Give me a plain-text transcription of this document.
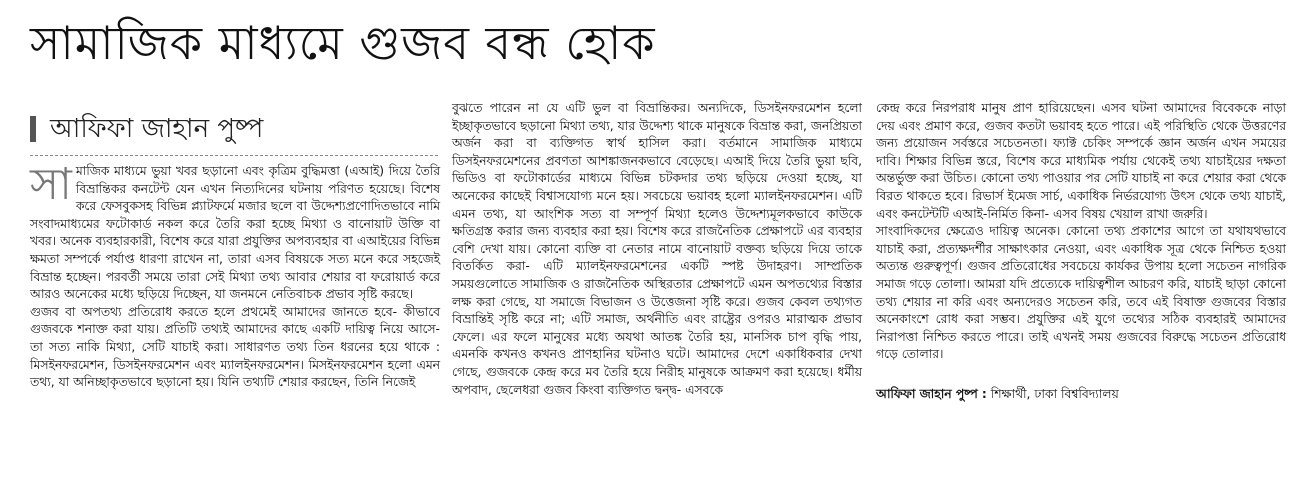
সামাজিক মাধ্যমে গুজব বন্ধ হোক
আফিফা জাহান পুষ্প
সা মাজিক মাধ্যমে ভুয়া খবর ছড়ানো এবং কৃত্রিম বুদ্ধিমত্তা (এআই) দিয়ে তৈরি বিভ্রান্তিকর কনটেন্ট যেন এখন নিত্যদিনের ঘটনায় পরিণত হয়েছে। বিশেষ করে ফেসবুকসহ বিভিন্ন প্ল্যাটফর্মে মজার ছলে বা উদ্দেশ্যপ্রণোদিতভাবে নামি সংবাদমাধ্যমের ফটোকার্ড নকল করে তৈরি করা হচ্ছে মিথ্যা ও বানোয়াট উক্তি বা খবর। অনেক ব্যবহারকারী, বিশেষ করে যারা প্রযুক্তির অপব্যবহার বা এআইয়ের বিভিন্ন ক্ষমতা সম্পর্কে পর্যাপ্ত ধারণা রাখেন না, তারা এসব বিষয়কে সত্য মনে করে সহজেই বিভ্রান্ত হচ্ছেন। পরবর্তী সময়ে তারা সেই মিথ্যা তথ্য আবার শেয়ার বা ফরোয়ার্ড করে আরও অনেকের মধ্যে ছড়িয়ে দিচ্ছেন, যা জনমনে নেতিবাচক প্রভাব সৃষ্টি করছে।

গুজব বা অপতথ্য প্রতিরোধ করতে হলে প্রথমেই আমাদের জানতে হবে- কীভাবে গুজবকে শনাক্ত করা যায়। প্রতিটি তথ্যই আমাদের কাছে একটি দায়িত্ব নিয়ে আসে- তা সত্য নাকি মিথ্যা, সেটি যাচাই করা। সাধারণত তথ্য তিন ধরনের হয়ে থাকে : মিসইনফরমেশন, ডিসইনফরমেশন এবং ম্যালইনফরমেশন। মিসইনফরমেশন হলো এমন তথ্য, যা অনিচ্ছাকৃতভাবে ছড়ানো হয়। যিনি তথ্যটি শেয়ার করছেন, তিনি নিজেই

বুঝতে পারেন না যে এটি ভুল বা বিভ্রান্তিকর। অন্যদিকে, ডিসইনফরমেশন হলো ইচ্ছাকৃতভাবে ছড়ানো মিথ্যা তথ্য, যার উদ্দেশ্য থাকে মানুষকে বিভ্রান্ত করা, জনপ্রিয়তা অর্জন করা বা ব্যক্তিগত স্বার্থ হাসিল করা। বর্তমানে সামাজিক মাধ্যমে ডিসইনফরমেশনের প্রবণতা আশঙ্কাজনকভাবে বেড়েছে। এআই দিয়ে তৈরি ভুয়া ছবি, ভিডিও বা ফটোকার্ডের মাধ্যমে বিভিন্ন চটকদার তথ্য ছড়িয়ে দেওয়া হচ্ছে, যা অনেকের কাছেই বিশ্বাসযোগ্য মনে হয়। সবচেয়ে ভয়াবহ হলো ম্যালইনফরমেশন। এটি এমন তথ্য, যা আংশিক সত্য বা সম্পূর্ণ মিথ্যা হলেও উদ্দেশ্যমূলকভাবে কাউকে ক্ষতিগ্রস্ত করার জন্য ব্যবহার করা হয়। বিশেষ করে রাজনৈতিক প্রেক্ষাপটে এর ব্যবহার বেশি দেখা যায়। কোনো ব্যক্তি বা নেতার নামে বানোয়াট বক্তব্য ছড়িয়ে দিয়ে তাকে বিতর্কিত করা- এটি ম্যালইনফরমেশনের একটি স্পষ্ট উদাহরণ। সাম্প্রতিক সময়গুলোতে সামাজিক ও রাজনৈতিক অস্থিরতার প্রেক্ষাপটে এমন অপতথ্যের বিস্তার লক্ষ করা গেছে, যা সমাজে বিভাজন ও উত্তেজনা সৃষ্টি করে। গুজব কেবল তথ্যগত বিভ্রান্তিই সৃষ্টি করে না; এটি সমাজ, অর্থনীতি এবং রাষ্ট্রের ওপরও মারাত্মক প্রভাব ফেলে। এর ফলে মানুষের মধ্যে অযথা আতঙ্ক তৈরি হয়, মানসিক চাপ বৃদ্ধি পায়, এমনকি কখনও কখনও প্রাণহানির ঘটনাও ঘটে। আমাদের দেশে একাধিকবার দেখা গেছে, গুজবকে কেন্দ্র করে মব তৈরি হয়ে নিরীহ মানুষকে আক্রমণ করা হয়েছে। ধর্মীয় অপবাদ, ছেলেধরা গুজব কিংবা ব্যক্তিগত দ্বন্দ্ব- এসবকে

কেন্দ্র করে নিরপরাধ মানুষ প্রাণ হারিয়েছেন। এসব ঘটনা আমাদের বিবেককে নাড়া দেয় এবং প্রমাণ করে, গুজব কতটা ভয়াবহ হতে পারে। এই পরিস্থিতি থেকে উত্তরণের জন্য প্রয়োজন সর্বস্তরে সচেতনতা। ফ্যাক্ট চেকিং সম্পর্কে জ্ঞান অর্জন এখন সময়ের দাবি। শিক্ষার বিভিন্ন স্তরে, বিশেষ করে মাধ্যমিক পর্যায় থেকেই তথ্য যাচাইয়ের দক্ষতা অন্তর্ভুক্ত করা উচিত। কোনো তথ্য পাওয়ার পর সেটি যাচাই না করে শেয়ার করা থেকে বিরত থাকতে হবে। রিভার্স ইমেজ সার্চ, একাধিক নির্ভরযোগ্য উৎস থেকে তথ্য যাচাই, এবং কনটেন্টটি এআই-নির্মিত কিনা- এসব বিষয় খেয়াল রাখা জরুরি।

সাংবাদিকদের ক্ষেত্রেও দায়িত্ব অনেক। কোনো তথ্য প্রকাশের আগে তা যথাযথভাবে যাচাই করা, প্রত্যক্ষদর্শীর সাক্ষাৎকার নেওয়া, এবং একাধিক সূত্র থেকে নিশ্চিত হওয়া অত্যন্ত গুরুত্বপূর্ণ। গুজব প্রতিরোধের সবচেয়ে কার্যকর উপায় হলো সচেতন নাগরিক সমাজ গড়ে তোলা। আমরা যদি প্রত্যেকে দায়িত্বশীল আচরণ করি, যাচাই ছাড়া কোনো তথ্য শেয়ার না করি এবং অন্যদেরও সচেতন করি, তবে এই বিষাক্ত গুজবের বিস্তার অনেকাংশে রোধ করা সম্ভব। প্রযুক্তির এই যুগে তথ্যের সঠিক ব্যবহারই আমাদের নিরাপত্তা নিশ্চিত করতে পারে। তাই এখনই সময় গুজবের বিরুদ্ধে সচেতন প্রতিরোধ গড়ে তোলার।

আফিফা জাহান পুষ্প : শিক্ষার্থী, ঢাকা বিশ্ববিদ্যালয়
